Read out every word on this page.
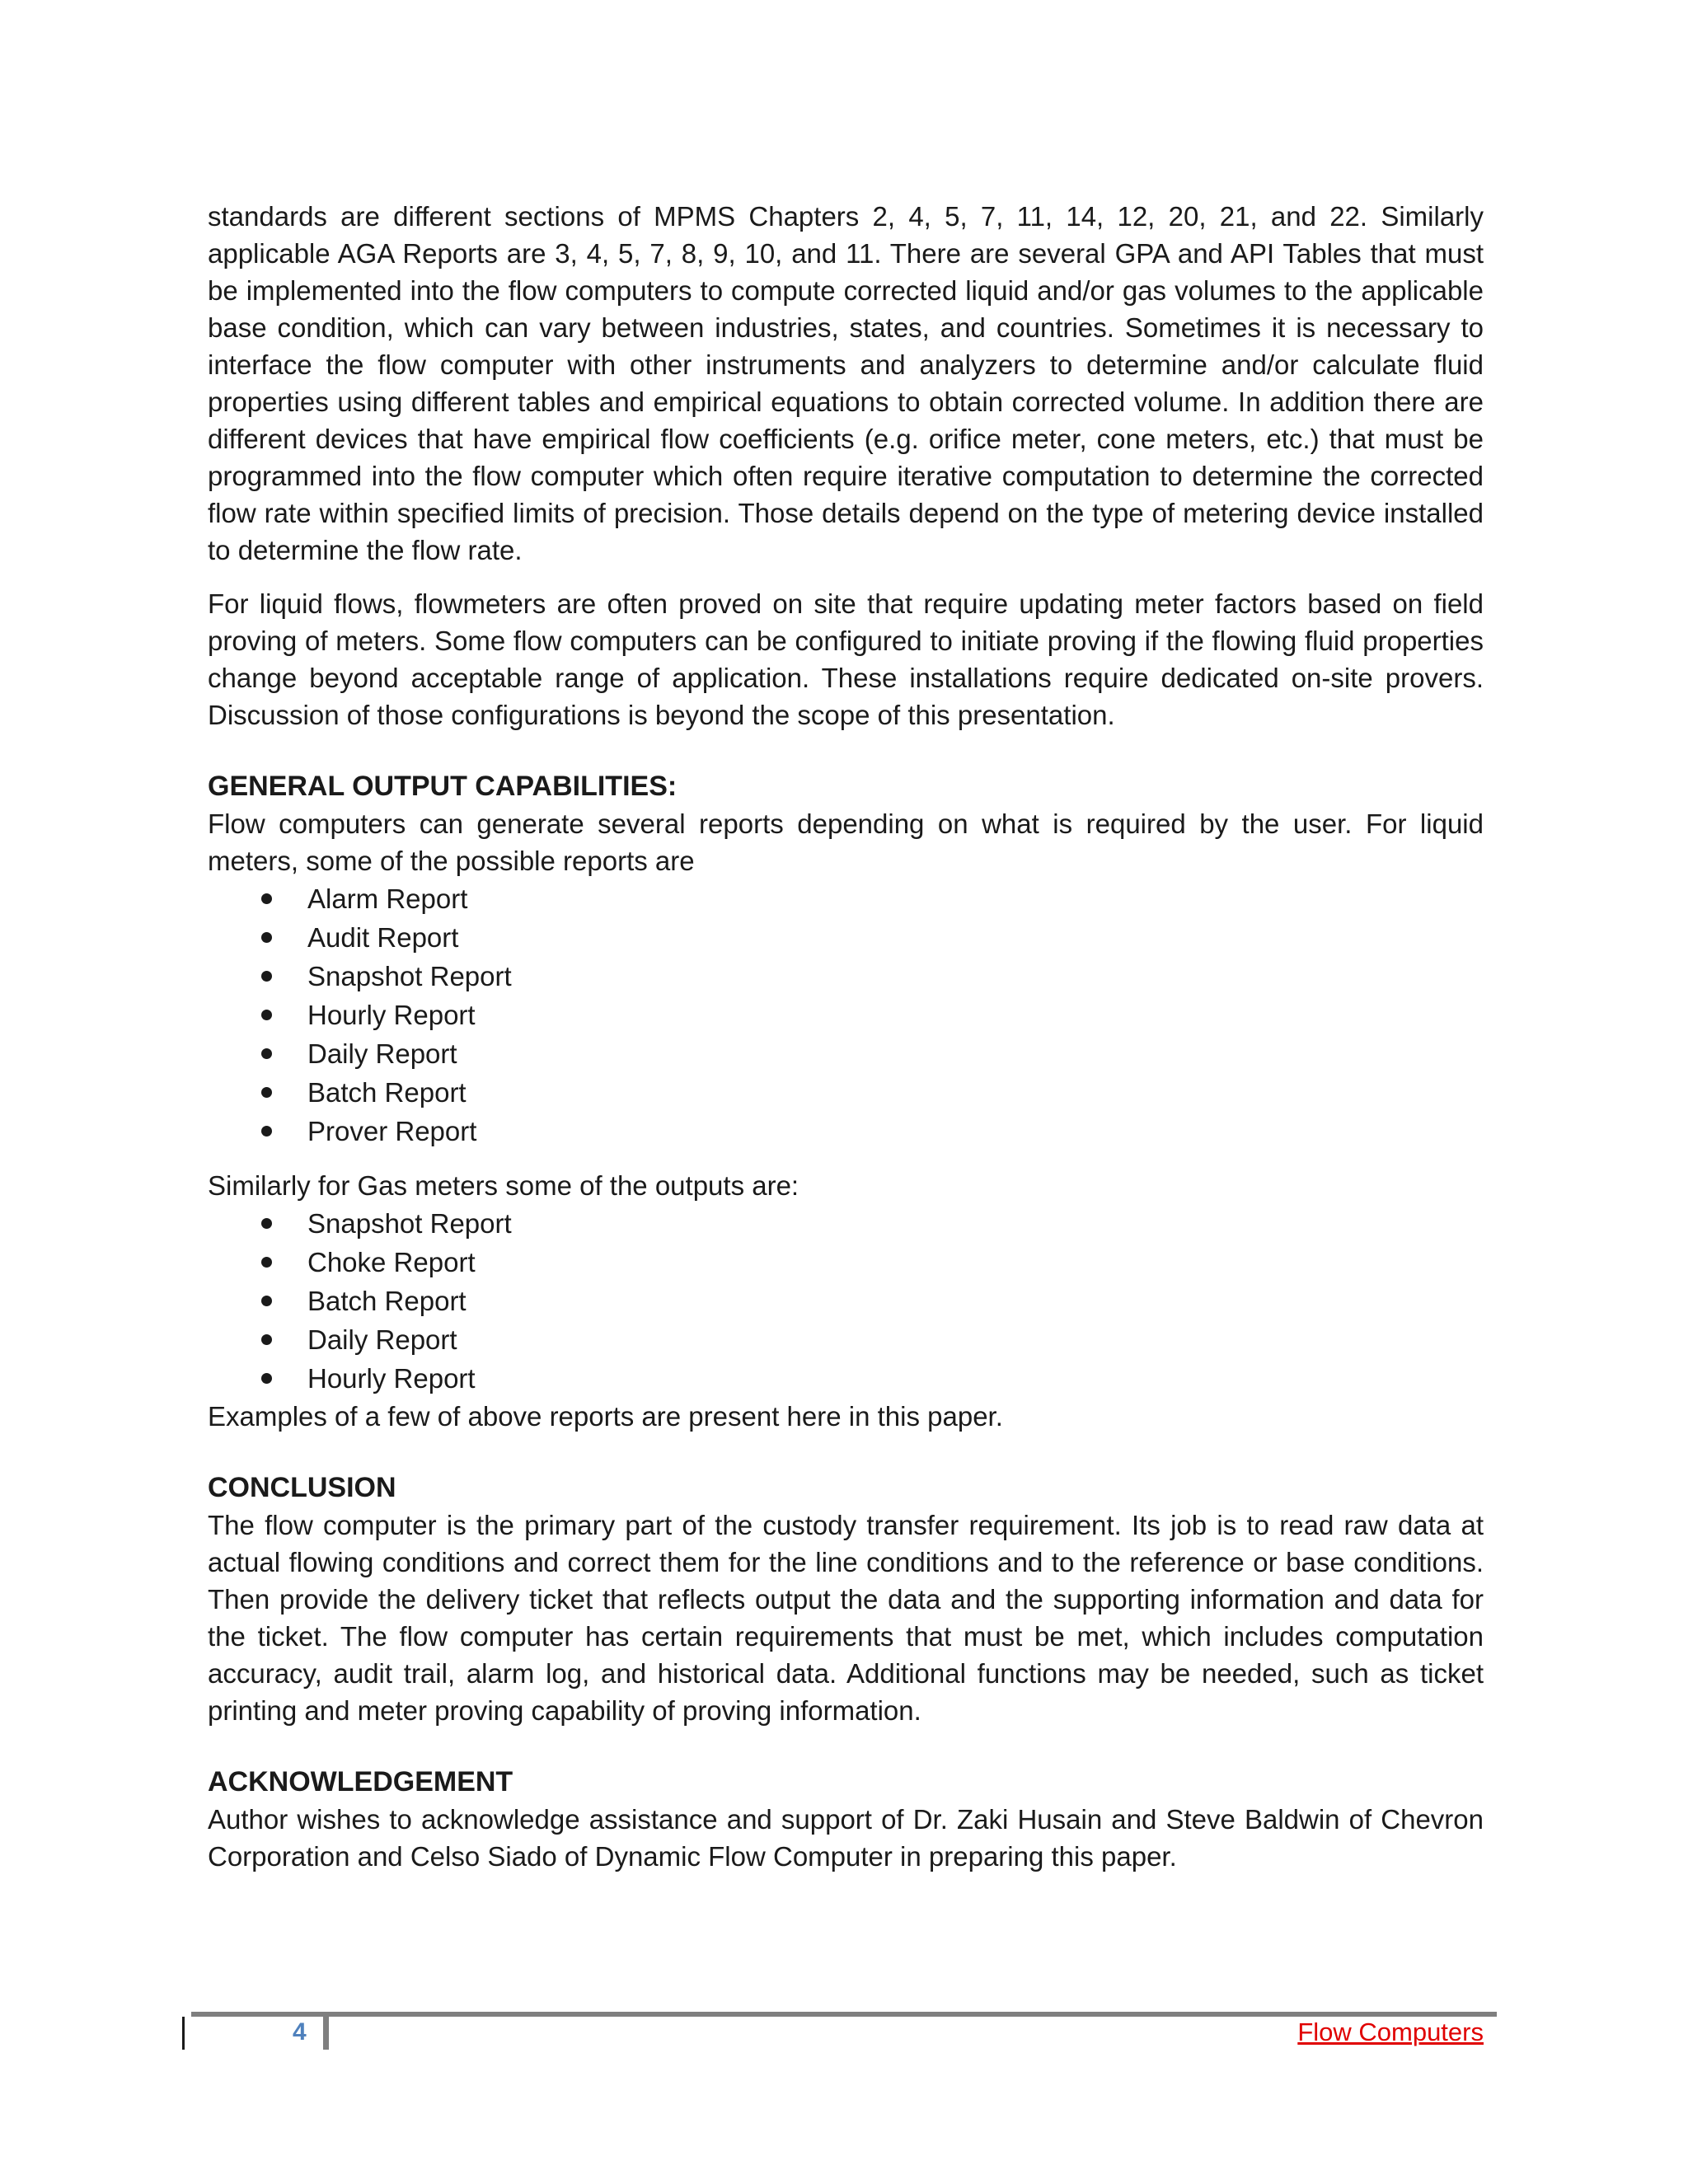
standards are different sections of MPMS Chapters 2, 4, 5, 7, 11, 14, 12, 20, 21, and 22. Similarly applicable AGA Reports are 3, 4, 5, 7, 8, 9, 10, and 11. There are several GPA and API Tables that must be implemented into the flow computers to compute corrected liquid and/or gas volumes to the applicable base condition, which can vary between industries, states, and countries. Sometimes it is necessary to interface the flow computer with other instruments and analyzers to determine and/or calculate fluid properties using different tables and empirical equations to obtain corrected volume. In addition there are different devices that have empirical flow coefficients (e.g. orifice meter, cone meters, etc.) that must be programmed into the flow computer which often require iterative computation to determine the corrected flow rate within specified limits of precision. Those details depend on the type of metering device installed to determine the flow rate.

For liquid flows, flowmeters are often proved on site that require updating meter factors based on field proving of meters. Some flow computers can be configured to initiate proving if the flowing fluid properties change beyond acceptable range of application. These installations require dedicated on-site provers. Discussion of those configurations is beyond the scope of this presentation.

GENERAL OUTPUT CAPABILITIES:

Flow computers can generate several reports depending on what is required by the user. For liquid meters, some of the possible reports are

Alarm Report
Audit Report
Snapshot Report
Hourly Report
Daily Report
Batch Report
Prover Report

Similarly for Gas meters some of the outputs are:

Snapshot Report
Choke Report
Batch Report
Daily Report
Hourly Report

Examples of a few of above reports are present here in this paper.

CONCLUSION

The flow computer is the primary part of the custody transfer requirement. Its job is to read raw data at actual flowing conditions and correct them for the line conditions and to the reference or base conditions. Then provide the delivery ticket that reflects output the data and the supporting information and data for the ticket. The flow computer has certain requirements that must be met, which includes computation accuracy, audit trail, alarm log, and historical data. Additional functions may be needed, such as ticket printing and meter proving capability of proving information.

ACKNOWLEDGEMENT

Author wishes to acknowledge assistance and support of Dr. Zaki Husain and Steve Baldwin of Chevron Corporation and Celso Siado of Dynamic Flow Computer in preparing this paper.

4	Flow Computers
